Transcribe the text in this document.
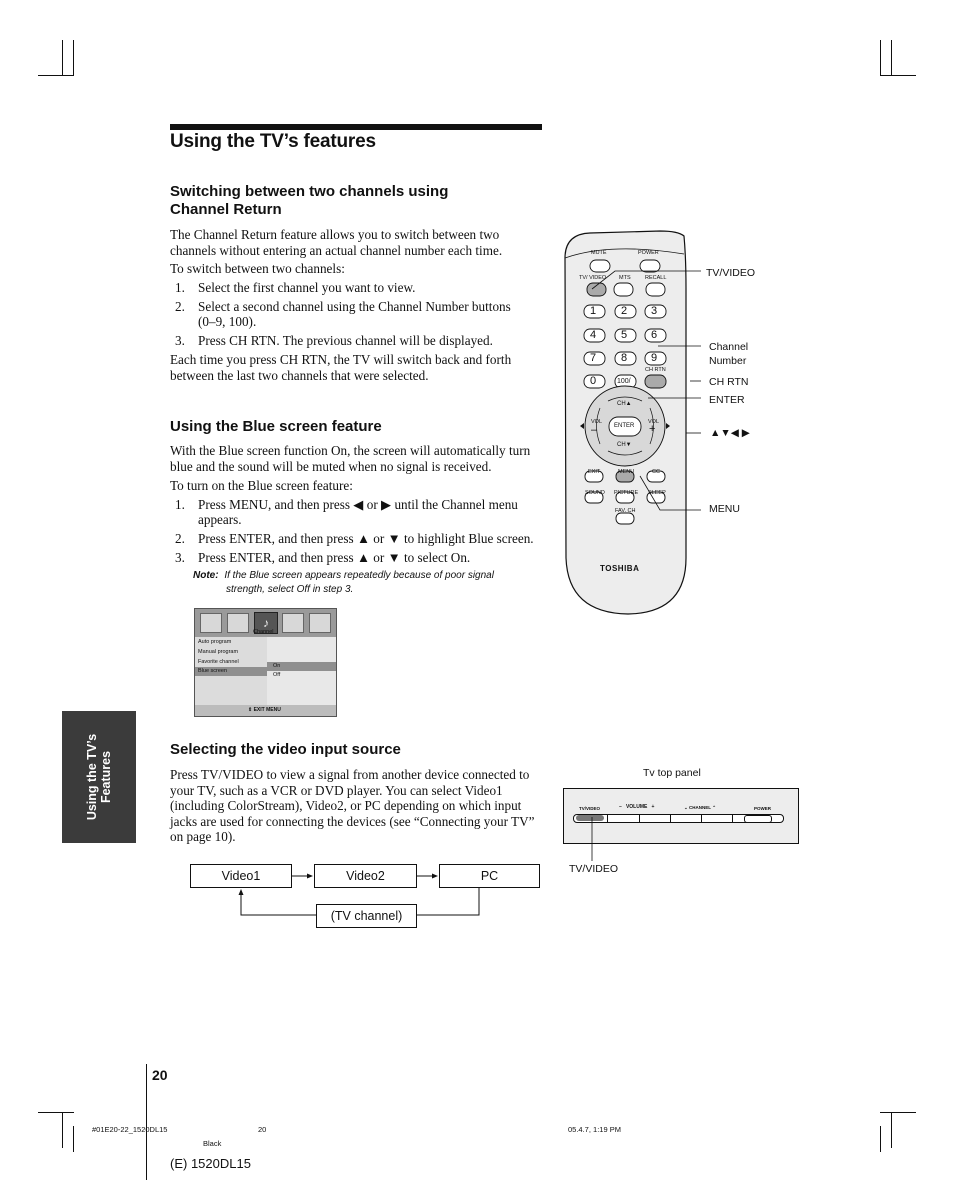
Using the TV’s features
Switching between two channels using
Channel Return

The Channel Return feature allows you to switch between two channels without entering an actual channel number each time.

To switch between two channels:

1. Select the first channel you want to view.
2. Select a second channel using the Channel Number buttons
(0–9, 100).
3. Press CH RTN. The previous channel will be displayed.

Each time you press CH RTN, the TV will switch back and forth between the last two channels that were selected.

Using the Blue screen feature

With the Blue screen function On, the screen will automatically turn blue and the sound will be muted when no signal is received.

To turn on the Blue screen feature:

1. Press MENU, and then press ◀ or ▶ until the Channel menu
appears.
2. Press ENTER, and then press ▲ or ▼ to highlight Blue screen.
3. Press ENTER, and then press ▲ or ▼ to select On.
Note: If the Blue screen appears repeatedly because of poor signal
strength, select Off in step 3.
♪
Channel
Auto program
Manual program
Favorite channel
Blue screen
On
Off
⇕ EXIT MENU
Selecting the video input source

Press TV/VIDEO to view a signal from another device connected to your TV, such as a VCR or DVD player. You can select Video1 (including ColorStream), Video2, or PC depending on which input jacks are used for connecting the devices (see “Connecting your TV” on page 10).

Video1	Video2	PC
(TV channel)
Using the TV’s
Features
MUTE	POWER
TV/ VIDEO MTS	RECALL
1 2 3
4 5 6
7 8 9
0	100/
CH RTN
CH▲
CH▼
VOL
–
VOL
+
ENTER
EXIT	MENU	CC
SOUND PICTURE SLEEP
FAV. CH
TOSHIBA
TV/VIDEO
Channel
Number
CH RTN
ENTER
▲▼◀ ▶
MENU
Tv top panel
TV/VIDEO	–   VOLUME   +	⌄ CHANNEL ⌃	POWER
TV/VIDEO
20
#01E20-22_1520DL15	20	05.4.7, 1:19 PM
Black
(E) 1520DL15
